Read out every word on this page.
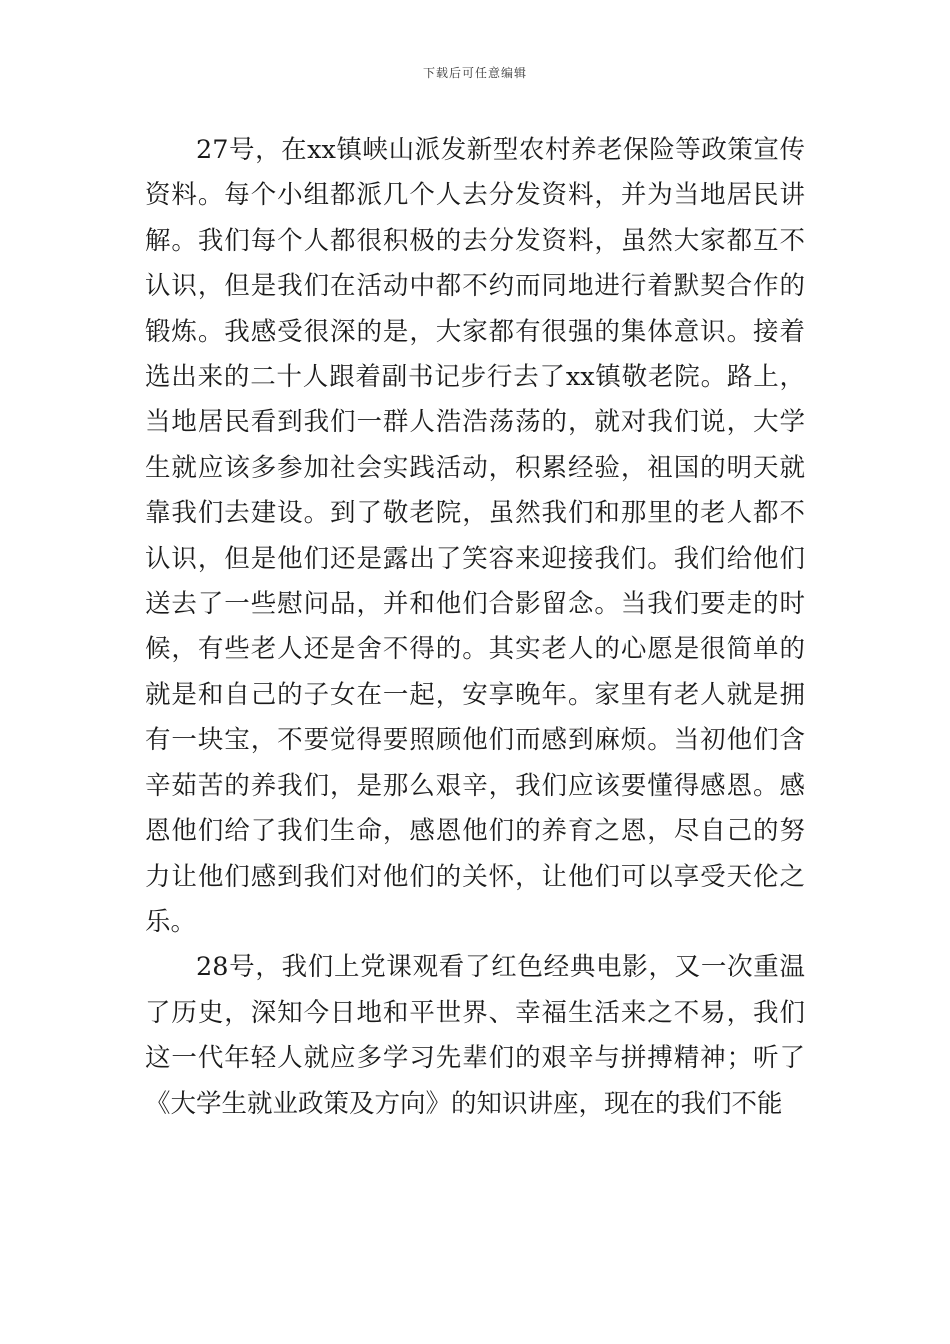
下载后可任意编辑

27号，在xx镇峡山派发新型农村养老保险等政策宣传资料。每个小组都派几个人去分发资料，并为当地居民讲解。我们每个人都很积极的去分发资料，虽然大家都互不认识，但是我们在活动中都不约而同地进行着默契合作的锻炼。我感受很深的是，大家都有很强的集体意识。接着选出来的二十人跟着副书记步行去了xx镇敬老院。路上，当地居民看到我们一群人浩浩荡荡的，就对我们说，大学生就应该多参加社会实践活动，积累经验，祖国的明天就靠我们去建设。到了敬老院，虽然我们和那里的老人都不认识，但是他们还是露出了笑容来迎接我们。我们给他们送去了一些慰问品，并和他们合影留念。当我们要走的时候，有些老人还是舍不得的。其实老人的心愿是很简单的就是和自己的子女在一起，安享晚年。家里有老人就是拥有一块宝，不要觉得要照顾他们而感到麻烦。当初他们含辛茹苦的养我们，是那么艰辛，我们应该要懂得感恩。感恩他们给了我们生命，感恩他们的养育之恩，尽自己的努力让他们感到我们对他们的关怀，让他们可以享受天伦之乐。

28号，我们上党课观看了红色经典电影，又一次重温了历史，深知今日地和平世界、幸福生活来之不易，我们这一代年轻人就应多学习先辈们的艰辛与拼搏精神；听了《大学生就业政策及方向》的知识讲座，现在的我们不能
